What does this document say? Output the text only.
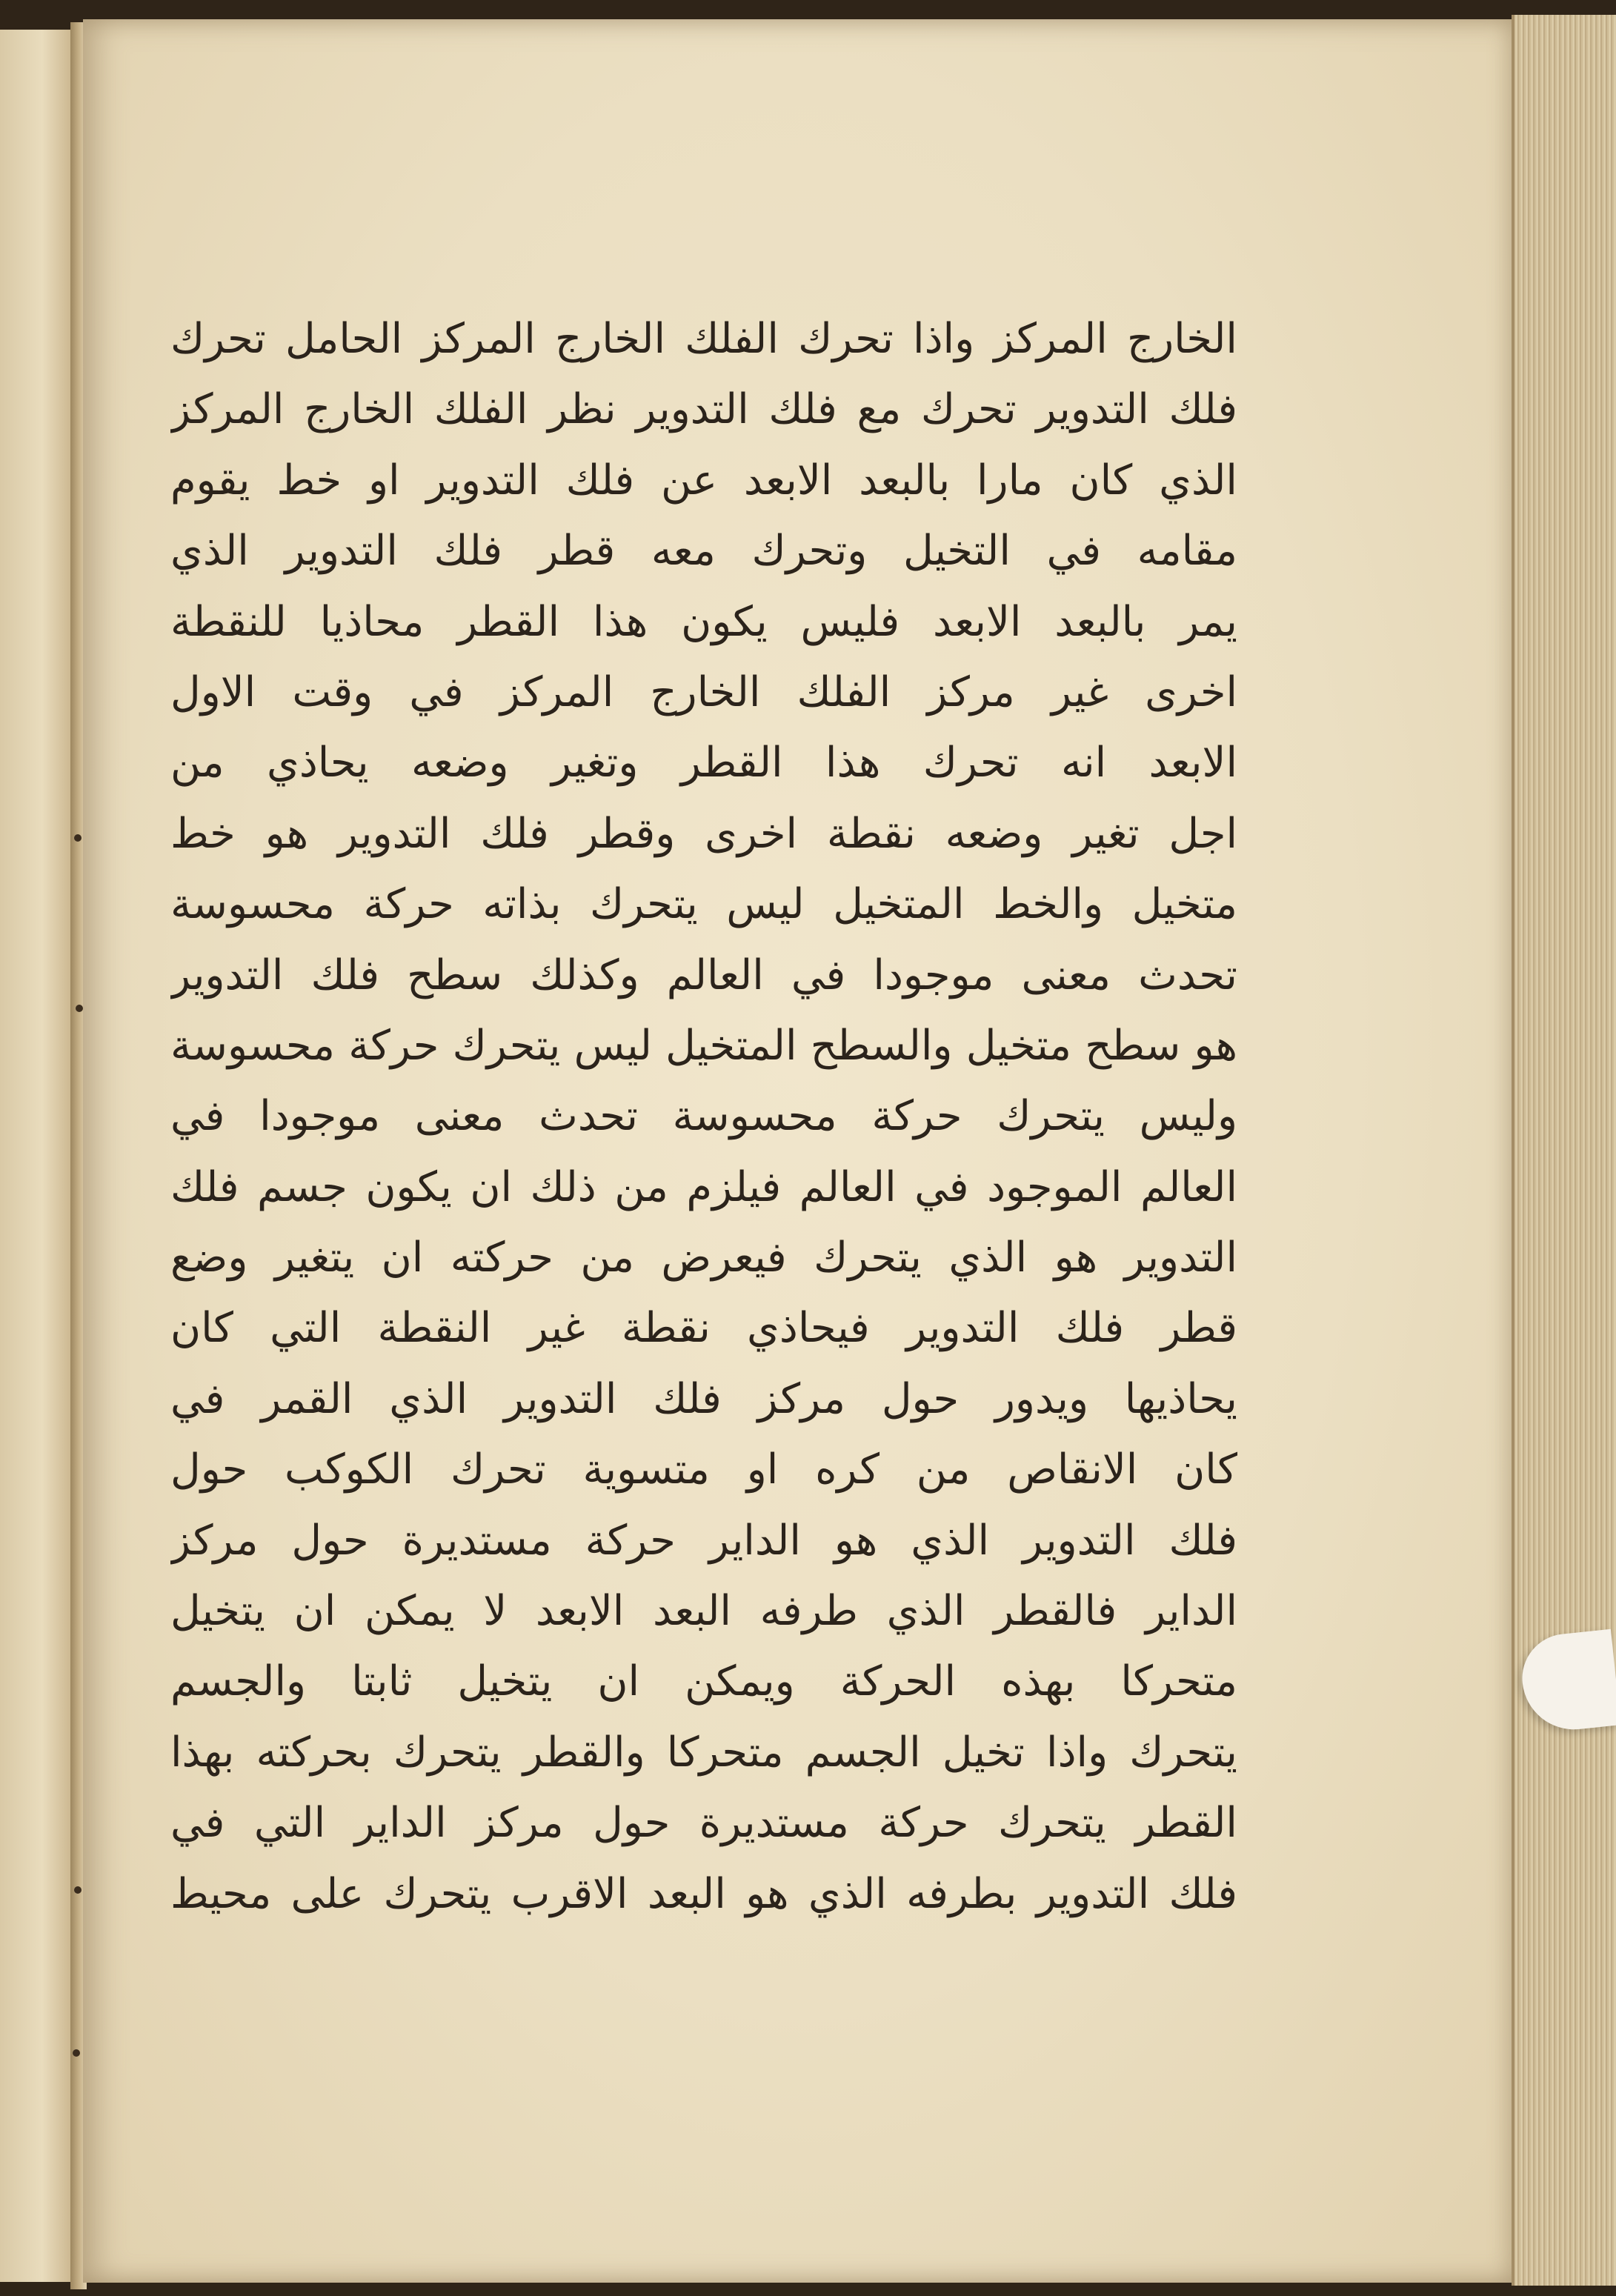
الخارج المركز واذا تحرك الفلك الخارج المركز الحامل تحرك
فلك التدوير تحرك مع فلك التدوير نظر الفلك الخارج المركز
الذي كان مارا بالبعد الابعد عن فلك التدوير او خط يقوم
مقامه في التخيل وتحرك معه قطر فلك التدوير الذي
يمر بالبعد الابعد فليس يكون هذا القطر محاذيا للنقطة
اخرى غير مركز الفلك الخارج المركز في وقت الاول
الابعد انه تحرك هذا القطر وتغير وضعه يحاذي من
اجل تغير وضعه نقطة اخرى وقطر فلك التدوير هو خط
متخيل والخط المتخيل ليس يتحرك بذاته حركة محسوسة
تحدث معنى موجودا في العالم وكذلك سطح فلك التدوير
هو سطح متخيل والسطح المتخيل ليس يتحرك حركة محسوسة
وليس يتحرك حركة محسوسة تحدث معنى موجودا في
العالم الموجود في العالم فيلزم من ذلك ان يكون جسم فلك
التدوير هو الذي يتحرك فيعرض من حركته ان يتغير وضع
قطر فلك التدوير فيحاذي نقطة غير النقطة التي كان
يحاذيها ويدور حول مركز فلك التدوير الذي القمر في
كان الانقاص من كره او متسوية تحرك الكوكب حول
فلك التدوير الذي هو الداير حركة مستديرة حول مركز
الداير فالقطر الذي طرفه البعد الابعد لا يمكن ان يتخيل
متحركا بهذه الحركة ويمكن ان يتخيل ثابتا والجسم
يتحرك واذا تخيل الجسم متحركا والقطر يتحرك بحركته بهذا
القطر يتحرك حركة مستديرة حول مركز الداير التي في
فلك التدوير بطرفه الذي هو البعد الاقرب يتحرك على محيط
